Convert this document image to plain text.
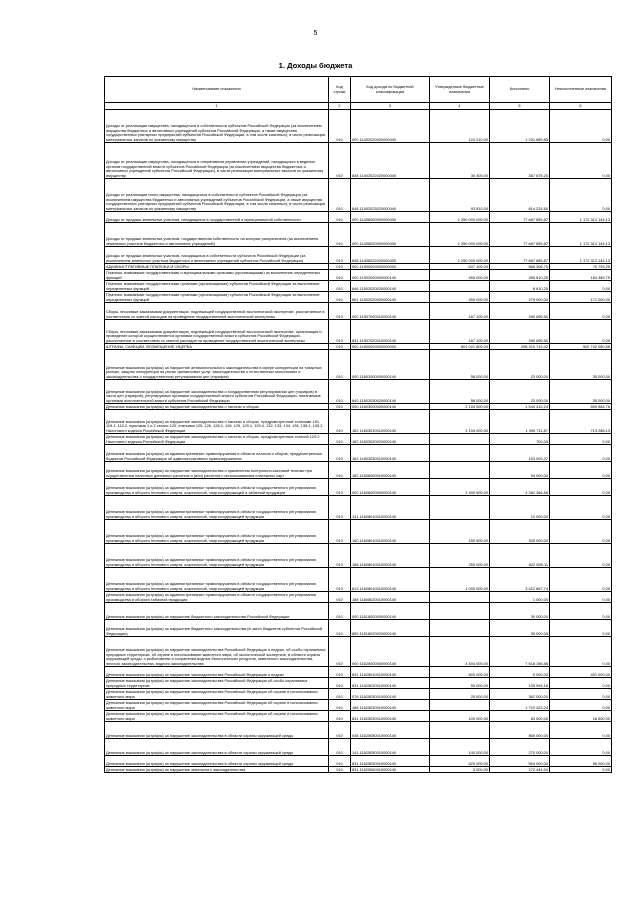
5
1. Доходы бюджета
Наименование показателя	Код строки	Код дохода по бюджетной классификации	Утвержденные бюджетные назначения	Исполнено	Неисполненные назначения
1	2	3	4	5	6
Доходы от реализации имущества, находящегося в собственности субъектов Российской Федерации (за исключением имущества бюджетных и автономных учреждений субъектов Российской Федерации, а также имущества государственных унитарных предприятий субъектов Российской Федерации, в том числе казенных), в части реализации материальных запасов по указанному имуществу	010	000 11402020020000440	124 210,00	1 201 889,85	0,00
Доходы от реализации имущества, находящегося в оперативном управлении учреждений, находящихся в ведении органов государственной власти субъектов Российской Федерации (за исключением имущества бюджетных и автономных учреждений субъектов Российской Федерации), в части реализации материальных запасов по указанному имуществу	010	848 11402022020000440	30 400,00	387 675,25	0,00
Доходы от реализации иного имущества, находящегося в собственности субъектов Российской Федерации (за исключением имущества бюджетных и автономных учреждений субъектов Российской Федерации, а также имущества государственных унитарных предприятий субъектов Российской Федерации, в том числе казенных), в части реализации материальных запасов по указанному имуществу	010	848 11402023020000440	93 810,00	814 224,60	0,00
Доходы от продажи земельных участков, находящихся в государственной и муниципальной собственности	010	000 11406000000000430	1 250 000 000,00	77 687 855,87	1 172 312 144,13
Доходы от продажи земельных участков, государственная собственность на которые разграничена (за исключением земельных участков бюджетных и автономных учреждений)	010	000 11406020000000430	1 250 000 000,00	77 687 855,87	1 172 312 144,13
Доходы от продажи земельных участков, находящихся в собственности субъектов Российской Федерации (за исключением земельных участков бюджетных и автономных учреждений субъектов Российской Федерации)	010	848 11406022020000430	1 250 000 000,00	77 687 855,87	1 172 312 144,13
АДМИНИСТРАТИВНЫЕ ПЛАТЕЖИ И СБОРЫ	010	000 11500000000000000	637 100,00	566 306,75	70 793,25
Платежи, взимаемые государственными и муниципальными органами (организациями) за выполнение определенных функций	010	000 11502000000000140	450 000,00	285 610,25	164 389,75
Платежи, взимаемые государственными органами (организациями) субъектов Российской Федерации за выполнение определенных функций	010	846 11502020020000140		6 610,25	0,00
Платежи, взимаемые государственными органами (организациями) субъектов Российской Федерации за выполнение определенных функций	010	861 11502020020000140	450 000,00	279 000,00	171 000,00
Сборы, вносимые заказчиками документации, подлежащей государственной экологической экспертизе, рассчитанные в соответствии со сметой расходов на проведение государственной экологической экспертизы	010	000 11507000010000140	187 100,00	280 696,50	0,00
Сборы, вносимые заказчиками документации, подлежащей государственной экологической экспертизе, организация и проведение которой осуществляются органами государственной власти субъектов Российской Федерации, рассчитанные в соответствии со сметой расходов на проведение государственной экологической экспертизы	010	831 11507020010000140	187 100,00	280 696,50	0,00
ШТРАФЫ, САНКЦИИ, ВОЗМЕЩЕНИЕ УЩЕРБА	010	000 11600000000000000	801 021 600,00	298 319 719,42	502 702 080,58
Денежные взыскания (штрафы) за нарушение антимонопольного законодательства в сфере конкуренции на товарных рынках, защиты конкуренции на рынке финансовых услуг, законодательства о естественных монополиях и законодательства о государственном регулировании цен (тарифов)	010	000 11602000000000140	58 000,00	23 000,00	35 000,00
Денежные взыскания (штрафы) за нарушение законодательства о государственном регулировании цен (тарифов) в части цен (тарифов), регулируемых органами государственной власти субъектов Российской Федерации, налагаемые органами исполнительной власти субъектов Российской Федерации	010	842 11602030020000140	58 000,00	23 000,00	35 000,00
Денежные взыскания (штрафы) за нарушение законодательства о налогах и сборах	010	000 11603000000000140	2 104 000,00	1 544 415,24	559 584,76
Денежные взыскания (штрафы) за нарушение законодательства о налогах и сборах, предусмотренные статьями 116, 119.1, 119.2, пунктами 1 и 2 статьи 120, статьями 125, 126, 126.1, 128, 129, 129.1, 129.4, 132, 133, 134, 135, 135.1, 135.2 Налогового кодекса Российской Федерации	010	182 11603010010000140	2 104 000,00	1 390 711,87	713 288,13
Денежные взыскания (штрафы) за нарушение законодательства о налогах и сборах, предусмотренные статьей 129.2 Налогового кодекса Российской Федерации	010	182 11603020020000140		700,00	0,00
Денежные взыскания (штрафы) за административные правонарушения в области налогов и сборов, предусмотренные Кодексом Российской Федерации об административных правонарушениях	010	182 11603030010000140		153 003,37	0,00
Денежные взыскания (штрафы) за нарушение законодательства о применении контрольно-кассовой техники при осуществлении наличных денежных расчетов и (или) расчетов с использованием платежных карт	010	182 11606000010000140		54 000,00	0,00
Денежные взыскания (штрафы) за административные правонарушения в области государственного регулирования производства и оборота этилового спирта, алкогольной, спиртосодержащей и табачной продукции	010	000 11608000000000140	1 409 900,00	4 381 366,85	0,00
Денежные взыскания (штрафы) за административные правонарушения в области государственного регулирования производства и оборота этилового спирта, алкогольной, спиртосодержащей продукции	010	141 11608010010000140		10 000,00	0,00
Денежные взыскания (штрафы) за административные правонарушения в области государственного регулирования производства и оборота этилового спирта, алкогольной, спиртосодержащей продукции	010	160 11608010010000140	159 900,00	335 000,00	0,00
Денежные взыскания (штрафы) за административные правонарушения в области государственного регулирования производства и оборота этилового спирта, алкогольной, спиртосодержащей продукции	010	188 11608010010000140	250 000,00	622 699,11	0,00
Денежные взыскания (штрафы) за административные правонарушения в области государственного регулирования производства и оборота этилового спирта, алкогольной, спиртосодержащей продукции	010	813 11608010010000140	1 000 000,00	3 412 667,74	0,00
Денежные взыскания (штрафы) за административные правонарушения в области государственного регулирования производства и оборота табачной продукции	010	188 11608020010000140		1 000,00	0,00
Денежные взыскания (штрафы) за нарушение бюджетного законодательства Российской Федерации	010	000 11618000000000140		30 000,00	0,00
Денежные взыскания (штрафы) за нарушение бюджетного законодательства (в части бюджетов субъектов Российской Федерации)	010	859 11618020020000140		30 000,00	0,00
Денежные взыскания (штрафы) за нарушение законодательства Российской Федерации о недрах, об особо охраняемых природных территориях, об охране и использовании животного мира, об экологической экспертизе, в области охраны окружающей среды, о рыболовстве и сохранении водных биологических ресурсов, земельного законодательства, лесного законодательства, водного законодательства	010	000 11625000000000140	4 504 000,00	7 618 156,86	0,00
Денежные взыскания (штрафы) за нарушение законодательства Российской Федерации о недрах	010	831 11625010010000140	500 000,00	9 000,00	491 000,00
Денежные взыскания (штрафы) за нарушение законодательства Российской Федерации об особо охраняемых природных территориях	010	831 11625020010000140	50 000,00	135 994,18	0,00
Денежные взыскания (штрафы) за нарушение законодательства Российской Федерации об охране и использовании животного мира	010	076 11625030010000140	25 000,00	362 000,00	0,00
Денежные взыскания (штрафы) за нарушение законодательства Российской Федерации об охране и использовании животного мира	010	188 11625030010000140		1 710 423,24	0,00
Денежные взыскания (штрафы) за нарушение законодательства Российской Федерации об охране и использовании животного мира	010	831 11625030010000140	100 000,00	83 500,00	16 500,00
Денежные взыскания (штрафы) за нарушение законодательства в области охраны окружающей среды	010	048 11625050010000140		865 000,00	0,00
Денежные взыскания (штрафы) за нарушение законодательства в области охраны окружающей среды	010	141 11625050010000140	140 000,00	270 000,00	0,00
Денежные взыскания (штрафы) за нарушение законодательства в области охраны окружающей среды	010	831 11625050010000140	620 000,00	554 000,00	66 000,00
Денежные взыскания (штрафы) за нарушение земельного законодательства	010	831 11625060010000140	3 000,00	172 444,00	0,00
